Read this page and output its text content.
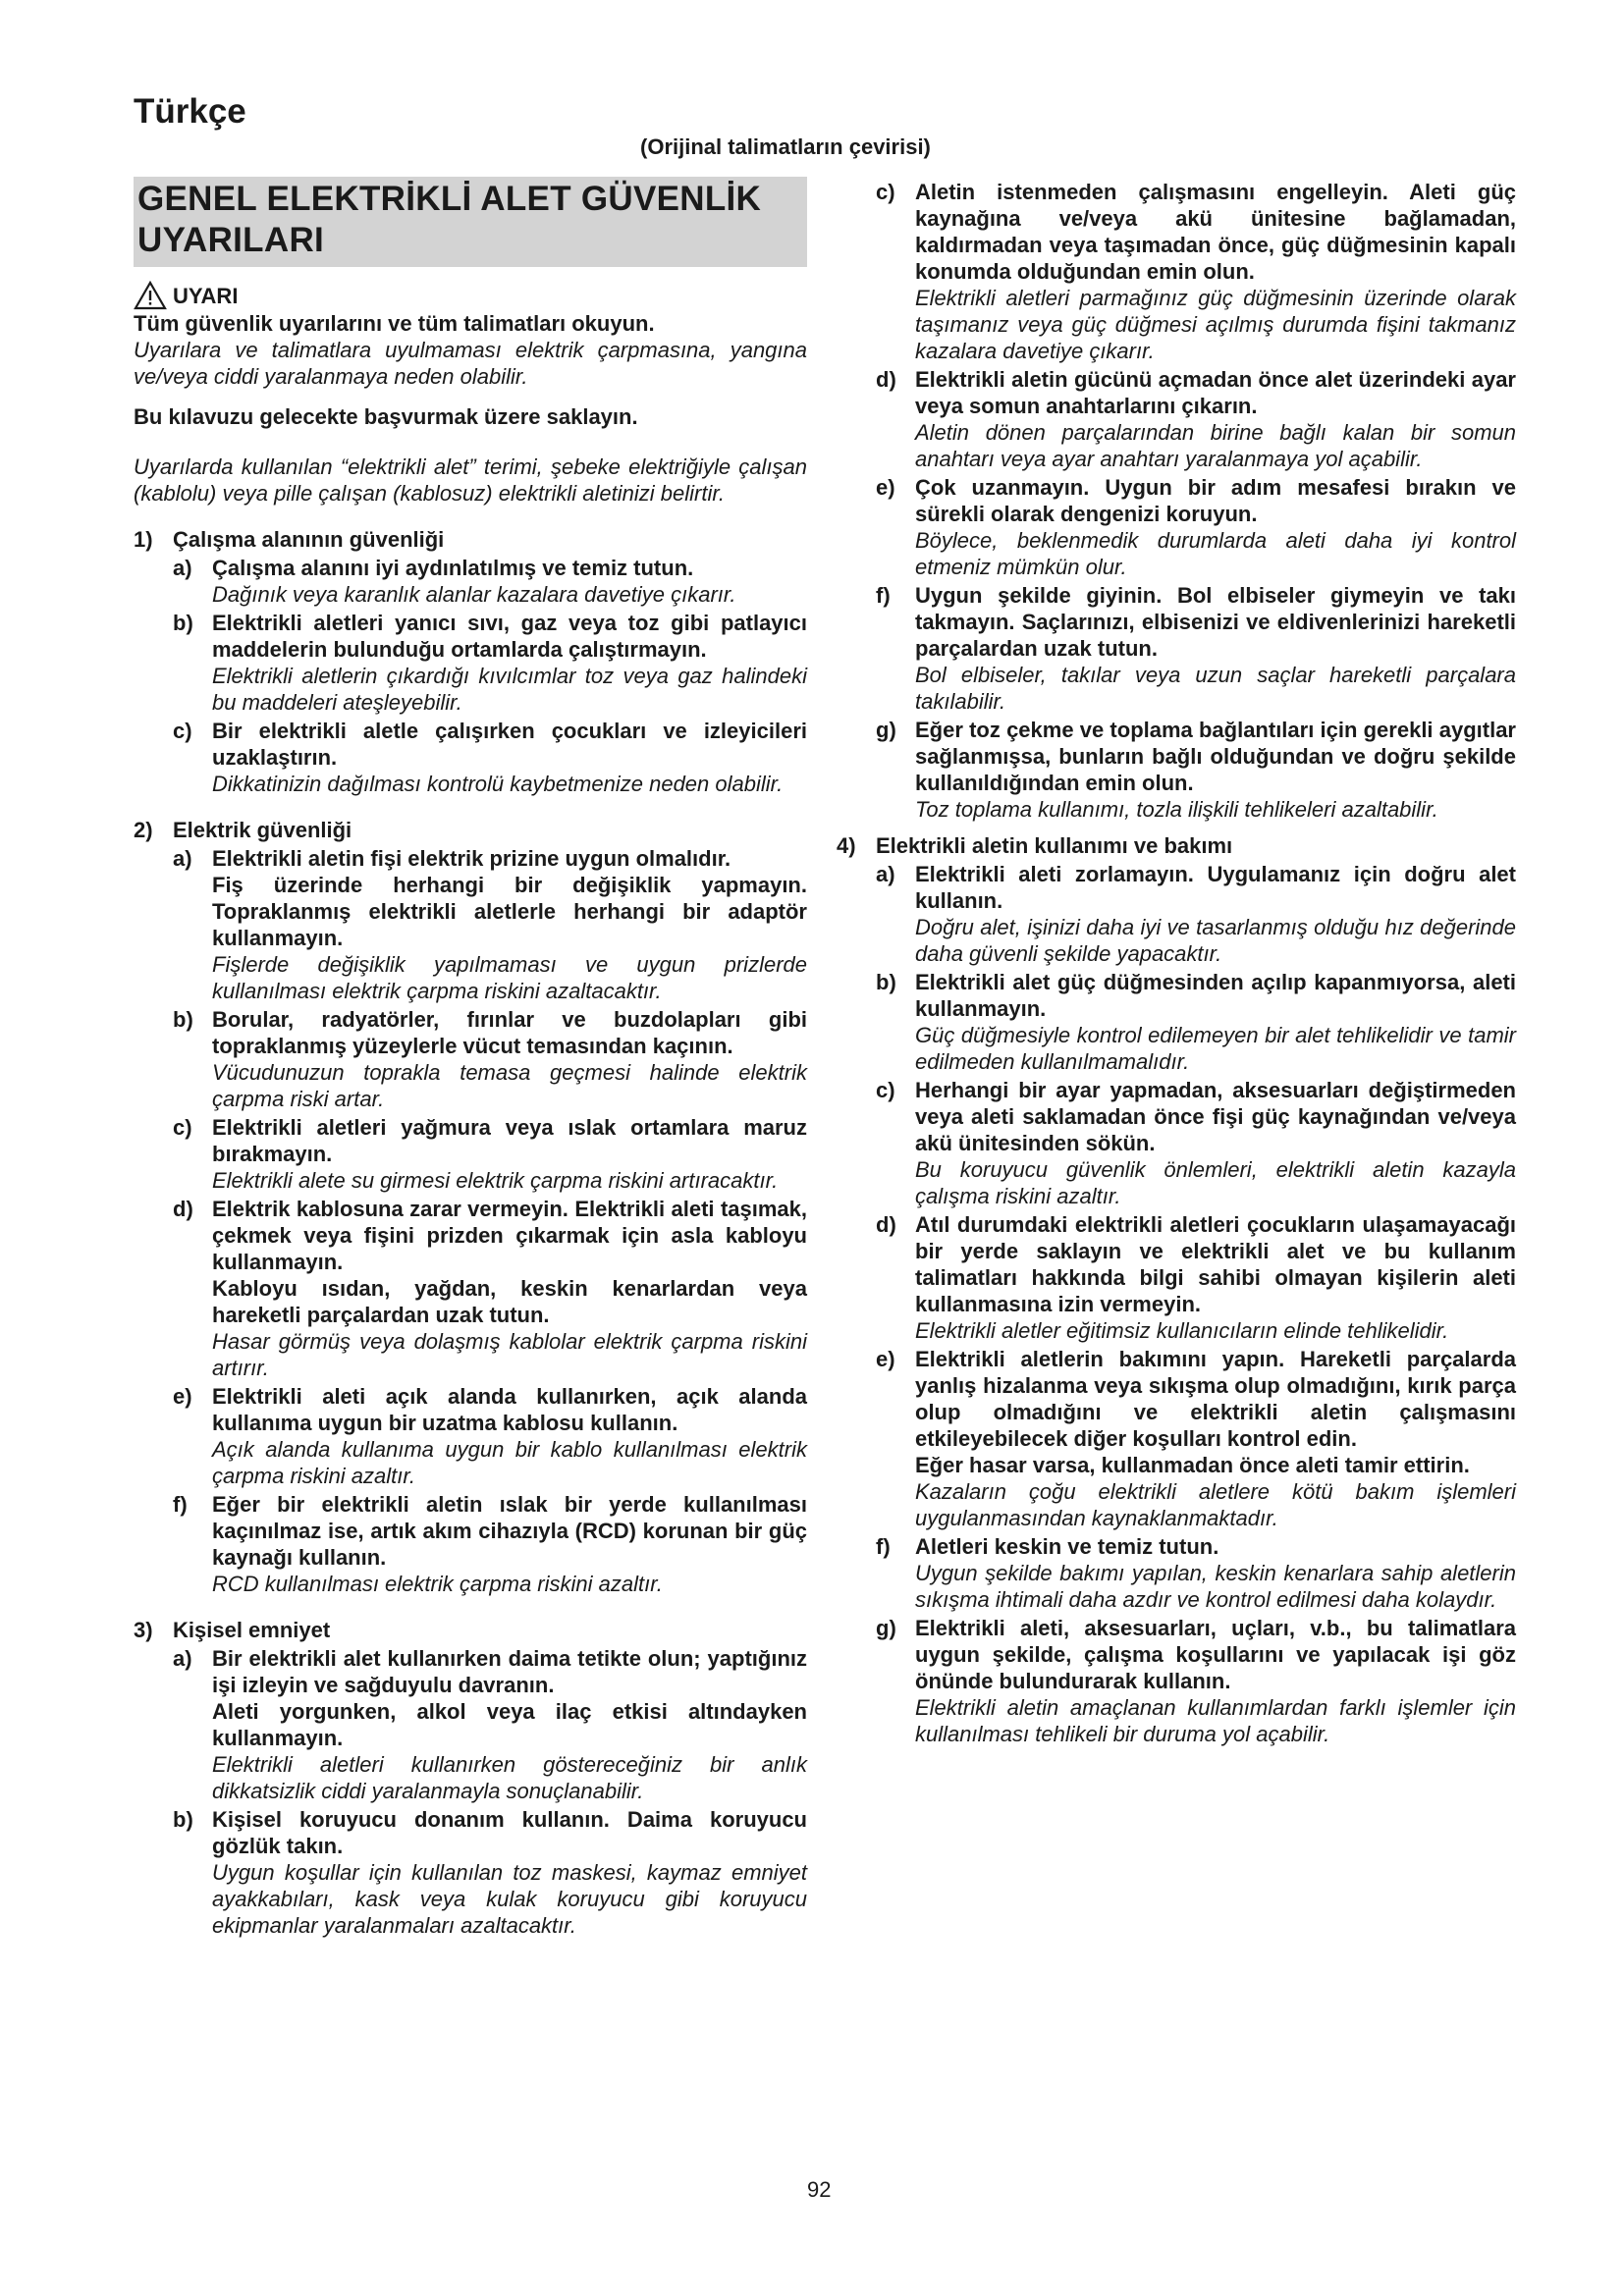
Türkçe
(Orijinal talimatların çevirisi)
GENEL ELEKTRİKLİ ALET GÜVENLİK UYARILARI
UYARI

Tüm güvenlik uyarılarını ve tüm talimatları okuyun.

Uyarılara ve talimatlara uyulmaması elektrik çarpmasına, yangına ve/veya ciddi yaralanmaya neden olabilir.

Bu kılavuzu gelecekte başvurmak üzere saklayın.

Uyarılarda kullanılan “elektrikli alet” terimi, şebeke elektriğiyle çalışan (kablolu) veya pille çalışan (kablosuz) elektrikli aletinizi belirtir.

1) Çalışma alanının güvenliği
a) Çalışma alanını iyi aydınlatılmış ve temiz tutun.

Dağınık veya karanlık alanlar kazalara davetiye çıkarır.

b) Elektrikli aletleri yanıcı sıvı, gaz veya toz gibi patlayıcı maddelerin bulunduğu ortamlarda çalıştırmayın.

Elektrikli aletlerin çıkardığı kıvılcımlar toz veya gaz halindeki bu maddeleri ateşleyebilir.

c) Bir elektrikli aletle çalışırken çocukları ve izleyicileri uzaklaştırın.

Dikkatinizin dağılması kontrolü kaybetmenize neden olabilir.

2) Elektrik güvenliği
a) Elektrikli aletin fişi elektrik prizine uygun olmalıdır.

Fiş üzerinde herhangi bir değişiklik yapmayın. Topraklanmış elektrikli aletlerle herhangi bir adaptör kullanmayın.

Fişlerde değişiklik yapılmaması ve uygun prizlerde kullanılması elektrik çarpma riskini azaltacaktır.

b) Borular, radyatörler, fırınlar ve buzdolapları gibi topraklanmış yüzeylerle vücut temasından kaçının.

Vücudunuzun toprakla temasa geçmesi halinde elektrik çarpma riski artar.

c) Elektrikli aletleri yağmura veya ıslak ortamlara maruz bırakmayın.

Elektrikli alete su girmesi elektrik çarpma riskini artıracaktır.

d) Elektrik kablosuna zarar vermeyin. Elektrikli aleti taşımak, çekmek veya fişini prizden çıkarmak için asla kabloyu kullanmayın.

Kabloyu ısıdan, yağdan, keskin kenarlardan veya hareketli parçalardan uzak tutun.

Hasar görmüş veya dolaşmış kablolar elektrik çarpma riskini artırır.

e) Elektrikli aleti açık alanda kullanırken, açık alanda kullanıma uygun bir uzatma kablosu kullanın.

Açık alanda kullanıma uygun bir kablo kullanılması elektrik çarpma riskini azaltır.

f)	Eğer bir elektrikli aletin ıslak bir yerde kullanılması kaçınılmaz ise, artık akım cihazıyla (RCD) korunan bir güç kaynağı kullanın.

RCD kullanılması elektrik çarpma riskini azaltır.

3) Kişisel emniyet
a) Bir elektrikli alet kullanırken daima tetikte olun; yaptığınız işi izleyin ve sağduyulu davranın.

Aleti yorgunken, alkol veya ilaç etkisi altındayken kullanmayın.

Elektrikli aletleri kullanırken göstereceğiniz bir anlık dikkatsizlik ciddi yaralanmayla sonuçlanabilir.

b) Kişisel koruyucu donanım kullanın. Daima koruyucu gözlük takın.

Uygun koşullar için kullanılan toz maskesi, kaymaz emniyet ayakkabıları, kask veya kulak koruyucu gibi koruyucu ekipmanlar yaralanmaları azaltacaktır.

c) Aletin istenmeden çalışmasını engelleyin. Aleti güç kaynağına ve/veya akü ünitesine bağlamadan, kaldırmadan veya taşımadan önce, güç düğmesinin kapalı konumda olduğundan emin olun.

Elektrikli aletleri parmağınız güç düğmesinin üzerinde olarak taşımanız veya güç düğmesi açılmış durumda fişini takmanız kazalara davetiye çıkarır.

d) Elektrikli aletin gücünü açmadan önce alet üzerindeki ayar veya somun anahtarlarını çıkarın.

Aletin dönen parçalarından birine bağlı kalan bir somun anahtarı veya ayar anahtarı yaralanmaya yol açabilir.

e) Çok uzanmayın. Uygun bir adım mesafesi bırakın ve sürekli olarak dengenizi koruyun.

Böylece, beklenmedik durumlarda aleti daha iyi kontrol etmeniz mümkün olur.

f)	Uygun şekilde giyinin. Bol elbiseler giymeyin ve takı takmayın. Saçlarınızı, elbisenizi ve eldivenlerinizi hareketli parçalardan uzak tutun.

Bol elbiseler, takılar veya uzun saçlar hareketli parçalara takılabilir.

g) Eğer toz çekme ve toplama bağlantıları için gerekli aygıtlar sağlanmışsa, bunların bağlı olduğundan ve doğru şekilde kullanıldığından emin olun.

Toz toplama kullanımı, tozla ilişkili tehlikeleri azaltabilir.

4) Elektrikli aletin kullanımı ve bakımı
a) Elektrikli aleti zorlamayın. Uygulamanız için doğru alet kullanın.

Doğru alet, işinizi daha iyi ve tasarlanmış olduğu hız değerinde daha güvenli şekilde yapacaktır.

b) Elektrikli alet güç düğmesinden açılıp kapanmıyorsa, aleti kullanmayın.

Güç düğmesiyle kontrol edilemeyen bir alet tehlikelidir ve tamir edilmeden kullanılmamalıdır.

c) Herhangi bir ayar yapmadan, aksesuarları değiştirmeden veya aleti saklamadan önce fişi güç kaynağından ve/veya akü ünitesinden sökün.

Bu koruyucu güvenlik önlemleri, elektrikli aletin kazayla çalışma riskini azaltır.

d) Atıl durumdaki elektrikli aletleri çocukların ulaşamayacağı bir yerde saklayın ve elektrikli alet ve bu kullanım talimatları hakkında bilgi sahibi olmayan kişilerin aleti kullanmasına izin vermeyin.

Elektrikli aletler eğitimsiz kullanıcıların elinde tehlikelidir.

e) Elektrikli aletlerin bakımını yapın. Hareketli parçalarda yanlış hizalanma veya sıkışma olup olmadığını, kırık parça olup olmadığını ve elektrikli aletin çalışmasını etkileyebilecek diğer koşulları kontrol edin.

Eğer hasar varsa, kullanmadan önce aleti tamir ettirin.

Kazaların çoğu elektrikli aletlere kötü bakım işlemleri uygulanmasından kaynaklanmaktadır.

f)	Aletleri keskin ve temiz tutun.

Uygun şekilde bakımı yapılan, keskin kenarlara sahip aletlerin sıkışma ihtimali daha azdır ve kontrol edilmesi daha kolaydır.

g) Elektrikli aleti, aksesuarları, uçları, v.b., bu talimatlara uygun şekilde, çalışma koşullarını ve yapılacak işi göz önünde bulundurarak kullanın.

Elektrikli aletin amaçlanan kullanımlardan farklı işlemler için kullanılması tehlikeli bir duruma yol açabilir.

92
